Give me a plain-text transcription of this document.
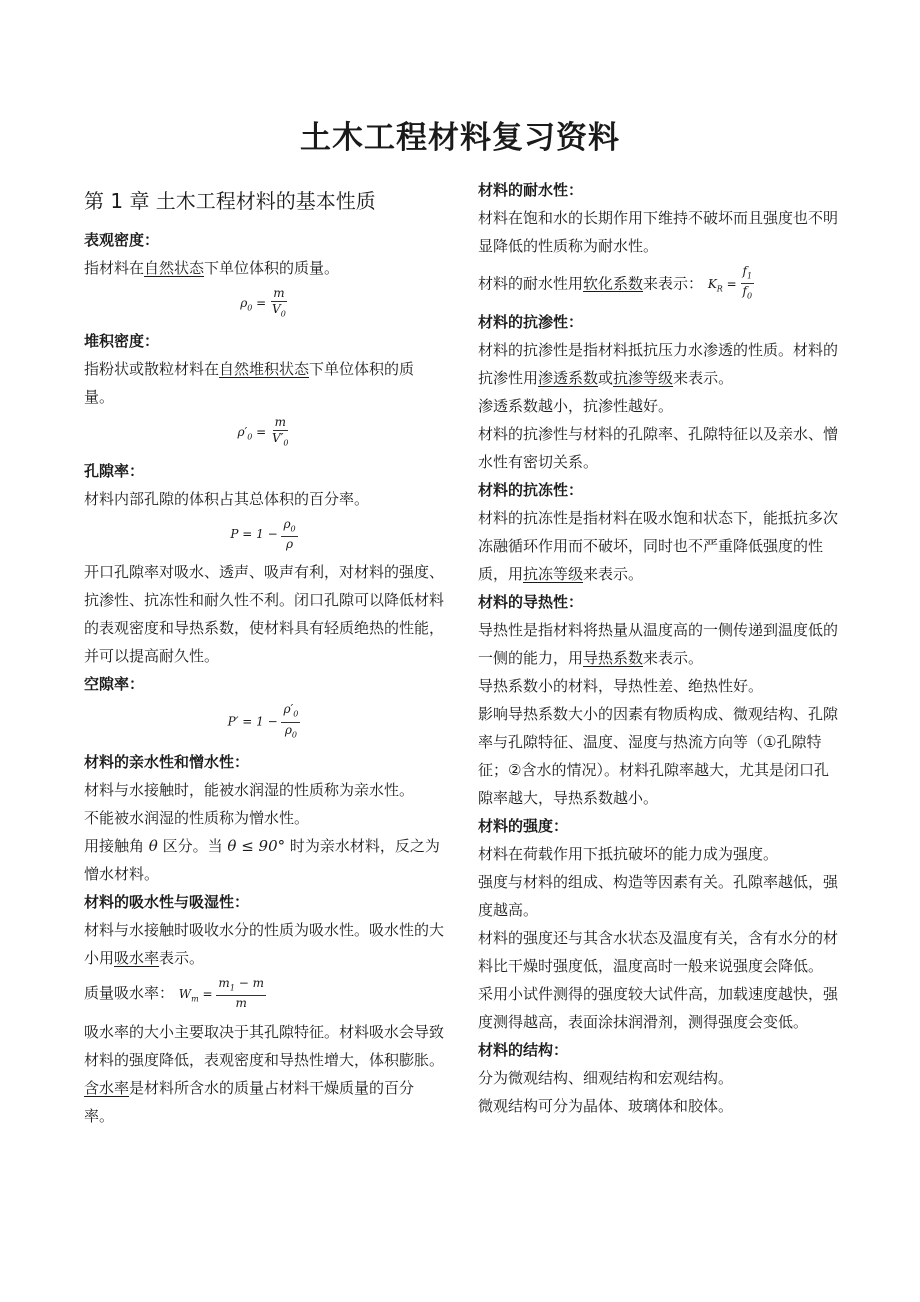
土木工程材料复习资料
第 1 章 土木工程材料的基本性质

表观密度：

指材料在自然状态下单位体积的质量。

$\rho_0 = \frac{m}{V_0}$

堆积密度：

指粉状或散粒材料在自然堆积状态下单位体积的质量。

$\rho'_0 = \frac{m}{V'_0}$

孔隙率：

材料内部孔隙的体积占其总体积的百分率。

$P = 1 - \frac{\rho_0}{\rho}$

开口孔隙率对吸水、透声、吸声有利，对材料的强度、抗渗性、抗冻性和耐久性不利。闭口孔隙可以降低材料的表观密度和导热系数，使材料具有轻质绝热的性能，并可以提高耐久性。

空隙率：

$P' = 1 - \frac{\rho'_0}{\rho_0}$

材料的亲水性和憎水性：

材料与水接触时，能被水润湿的性质称为亲水性。

不能被水润湿的性质称为憎水性。

用接触角 θ 区分。当 θ ≤ 90° 时为亲水材料，反之为憎水材料。

材料的吸水性与吸湿性：

材料与水接触时吸收水分的性质为吸水性。吸水性的大小用吸水率表示。

质量吸水率： $W_m = \frac{m_1 - m}{m}$

吸水率的大小主要取决于其孔隙特征。材料吸水会导致材料的强度降低，表观密度和导热性增大，体积膨胀。

含水率是材料所含水的质量占材料干燥质量的百分率。

材料的耐水性：

材料在饱和水的长期作用下维持不破坏而且强度也不明显降低的性质称为耐水性。

材料的耐水性用软化系数来表示： $K_R = \frac{f_1}{f_0}$

材料的抗渗性：

材料的抗渗性是指材料抵抗压力水渗透的性质。材料的抗渗性用渗透系数或抗渗等级来表示。

渗透系数越小，抗渗性越好。

材料的抗渗性与材料的孔隙率、孔隙特征以及亲水、憎水性有密切关系。

材料的抗冻性：

材料的抗冻性是指材料在吸水饱和状态下，能抵抗多次冻融循环作用而不破坏，同时也不严重降低强度的性质，用抗冻等级来表示。

材料的导热性：

导热性是指材料将热量从温度高的一侧传递到温度低的一侧的能力，用导热系数来表示。

导热系数小的材料，导热性差、绝热性好。

影响导热系数大小的因素有物质构成、微观结构、孔隙率与孔隙特征、温度、湿度与热流方向等（①孔隙特征；②含水的情况）。材料孔隙率越大，尤其是闭口孔隙率越大，导热系数越小。

材料的强度：

材料在荷载作用下抵抗破坏的能力成为强度。

强度与材料的组成、构造等因素有关。孔隙率越低，强度越高。

材料的强度还与其含水状态及温度有关，含有水分的材料比干燥时强度低，温度高时一般来说强度会降低。

采用小试件测得的强度较大试件高，加载速度越快，强度测得越高，表面涂抹润滑剂，测得强度会变低。

材料的结构：

分为微观结构、细观结构和宏观结构。

微观结构可分为晶体、玻璃体和胶体。
